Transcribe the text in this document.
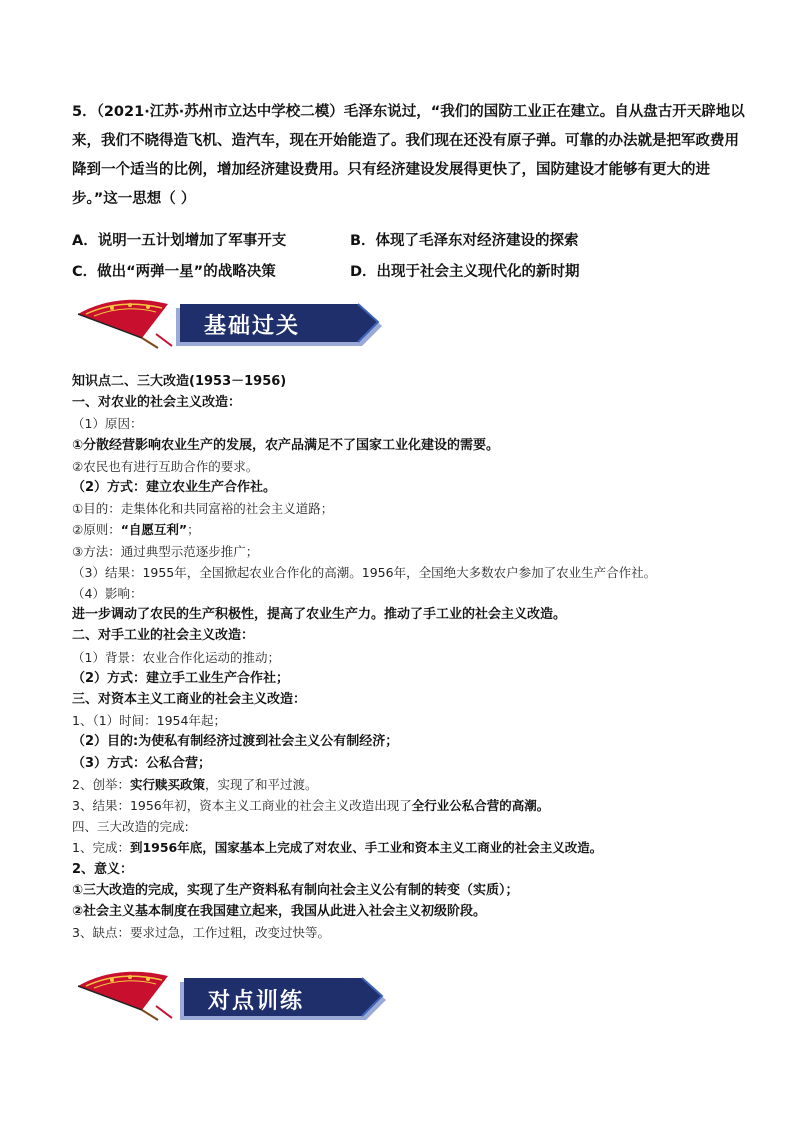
5．（2021·江苏·苏州市立达中学校二模）毛泽东说过，“我们的国防工业正在建立。自从盘古开天辟地以
来，我们不晓得造飞机、造汽车，现在开始能造了。我们现在还没有原子弹。可靠的办法就是把军政费用
降到一个适当的比例，增加经济建设费用。只有经济建设发展得更快了，国防建设才能够有更大的进
步。”这一思想（ ）
A．说明一五计划增加了军事开支	B．体现了毛泽东对经济建设的探索
C．做出“两弹一星”的战略决策	D．出现于社会主义现代化的新时期
基础过关
知识点二、三大改造(1953－1956)
一、对农业的社会主义改造：
（1）原因：
①分散经营影响农业生产的发展，农产品满足不了国家工业化建设的需要。
②农民也有进行互助合作的要求。
（2）方式：建立农业生产合作社。
①目的：走集体化和共同富裕的社会主义道路；
②原则：“自愿互利”；
③方法：通过典型示范逐步推广；
（3）结果：1955年，全国掀起农业合作化的高潮。1956年，全国绝大多数农户参加了农业生产合作社。
（4）影响：
进一步调动了农民的生产积极性，提高了农业生产力。推动了手工业的社会主义改造。
二、对手工业的社会主义改造：
（1）背景：农业合作化运动的推动；
（2）方式：建立手工业生产合作社；
三、对资本主义工商业的社会主义改造：
1、（1）时间：1954年起；
（2）目的:为使私有制经济过渡到社会主义公有制经济；
（3）方式：公私合营；
2、创举：实行赎买政策，实现了和平过渡。
3、结果：1956年初，资本主义工商业的社会主义改造出现了全行业公私合营的高潮。
四、三大改造的完成:
1、完成：到1956年底，国家基本上完成了对农业、手工业和资本主义工商业的社会主义改造。
2、意义：
①三大改造的完成，实现了生产资料私有制向社会主义公有制的转变（实质）；
②社会主义基本制度在我国建立起来，我国从此进入社会主义初级阶段。
3、缺点：要求过急，工作过粗，改变过快等。
对点训练
